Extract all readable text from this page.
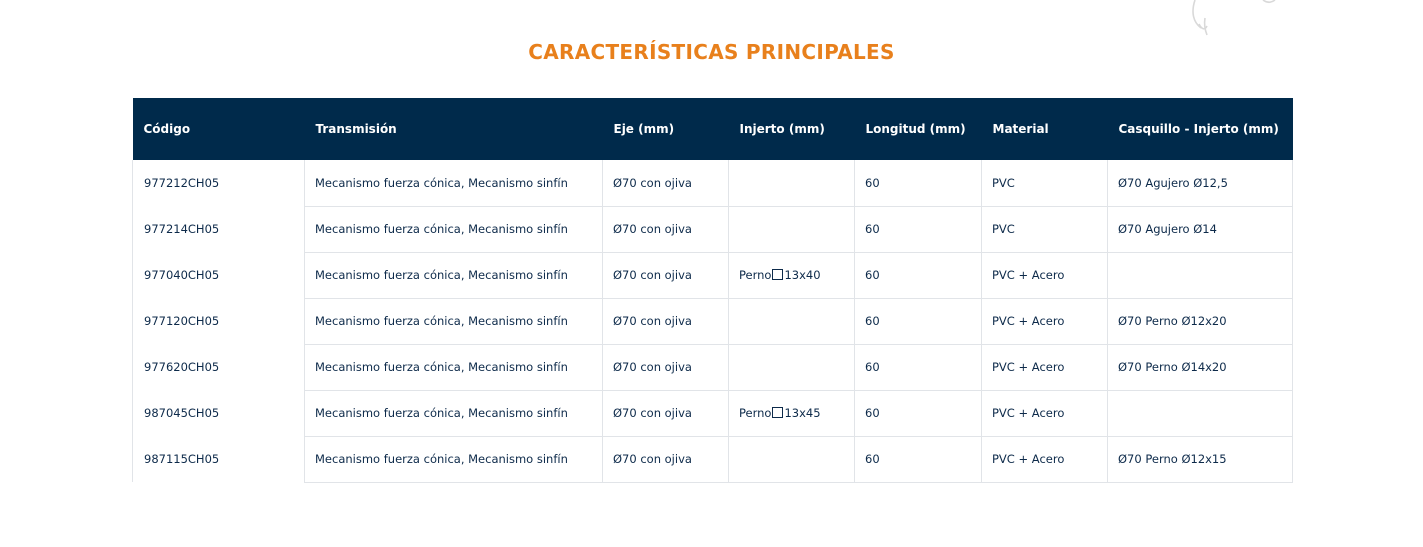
CARACTERÍSTICAS PRINCIPALES
Código	Transmisión	Eje (mm)	Injerto (mm)	Longitud (mm)	Material	Casquillo - Injerto (mm)
977212CH05	Mecanismo fuerza cónica, Mecanismo sinfín	Ø70 con ojiva		60	PVC	Ø70 Agujero Ø12,5
977214CH05	Mecanismo fuerza cónica, Mecanismo sinfín	Ø70 con ojiva		60	PVC	Ø70 Agujero Ø14
977040CH05	Mecanismo fuerza cónica, Mecanismo sinfín	Ø70 con ojiva	Perno 13x40	60	PVC + Acero	
977120CH05	Mecanismo fuerza cónica, Mecanismo sinfín	Ø70 con ojiva		60	PVC + Acero	Ø70 Perno Ø12x20
977620CH05	Mecanismo fuerza cónica, Mecanismo sinfín	Ø70 con ojiva		60	PVC + Acero	Ø70 Perno Ø14x20
987045CH05	Mecanismo fuerza cónica, Mecanismo sinfín	Ø70 con ojiva	Perno 13x45	60	PVC + Acero	
987115CH05	Mecanismo fuerza cónica, Mecanismo sinfín	Ø70 con ojiva		60	PVC + Acero	Ø70 Perno Ø12x15
